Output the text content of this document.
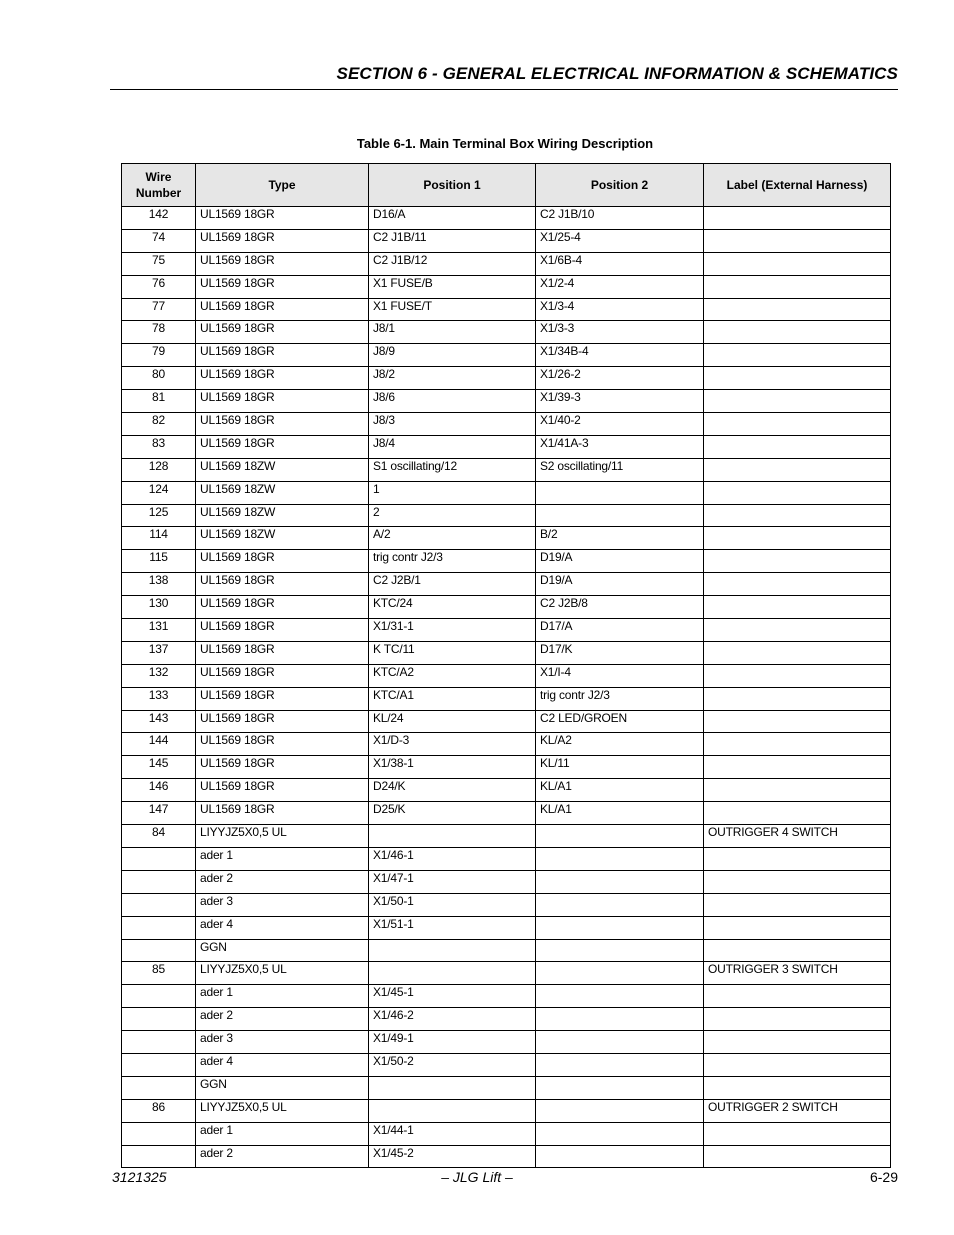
SECTION 6 - GENERAL ELECTRICAL INFORMATION & SCHEMATICS
Table 6-1. Main Terminal Box Wiring Description
Wire
Number	Type	Position 1	Position 2	Label (External Harness)
142	UL1569 18GR	D16/A	C2 J1B/10	
74	UL1569 18GR	C2 J1B/11	X1/25-4	
75	UL1569 18GR	C2 J1B/12	X1/6B-4	
76	UL1569 18GR	X1 FUSE/B	X1/2-4	
77	UL1569 18GR	X1 FUSE/T	X1/3-4	
78	UL1569 18GR	J8/1	X1/3-3	
79	UL1569 18GR	J8/9	X1/34B-4	
80	UL1569 18GR	J8/2	X1/26-2	
81	UL1569 18GR	J8/6	X1/39-3	
82	UL1569 18GR	J8/3	X1/40-2	
83	UL1569 18GR	J8/4	X1/41A-3	
128	UL1569 18ZW	S1 oscillating/12	S2 oscillating/11	
124	UL1569 18ZW	1		
125	UL1569 18ZW	2		
114	UL1569 18ZW	A/2	B/2	
115	UL1569 18GR	trig contr J2/3	D19/A	
138	UL1569 18GR	C2 J2B/1	D19/A	
130	UL1569 18GR	KTC/24	C2 J2B/8	
131	UL1569 18GR	X1/31-1	D17/A	
137	UL1569 18GR	K TC/11	D17/K	
132	UL1569 18GR	KTC/A2	X1/I-4	
133	UL1569 18GR	KTC/A1	trig contr J2/3	
143	UL1569 18GR	KL/24	C2 LED/GROEN	
144	UL1569 18GR	X1/D-3	KL/A2	
145	UL1569 18GR	X1/38-1	KL/11	
146	UL1569 18GR	D24/K	KL/A1	
147	UL1569 18GR	D25/K	KL/A1	
84	LIYYJZ5X0,5 UL			OUTRIGGER 4 SWITCH
	ader 1	X1/46-1		
	ader 2	X1/47-1		
	ader 3	X1/50-1		
	ader 4	X1/51-1		
	GGN			
85	LIYYJZ5X0,5 UL			OUTRIGGER 3 SWITCH
	ader 1	X1/45-1		
	ader 2	X1/46-2		
	ader 3	X1/49-1		
	ader 4	X1/50-2		
	GGN			
86	LIYYJZ5X0,5 UL			OUTRIGGER 2 SWITCH
	ader 1	X1/44-1		
	ader 2	X1/45-2		
3121325	– JLG Lift –	6-29
